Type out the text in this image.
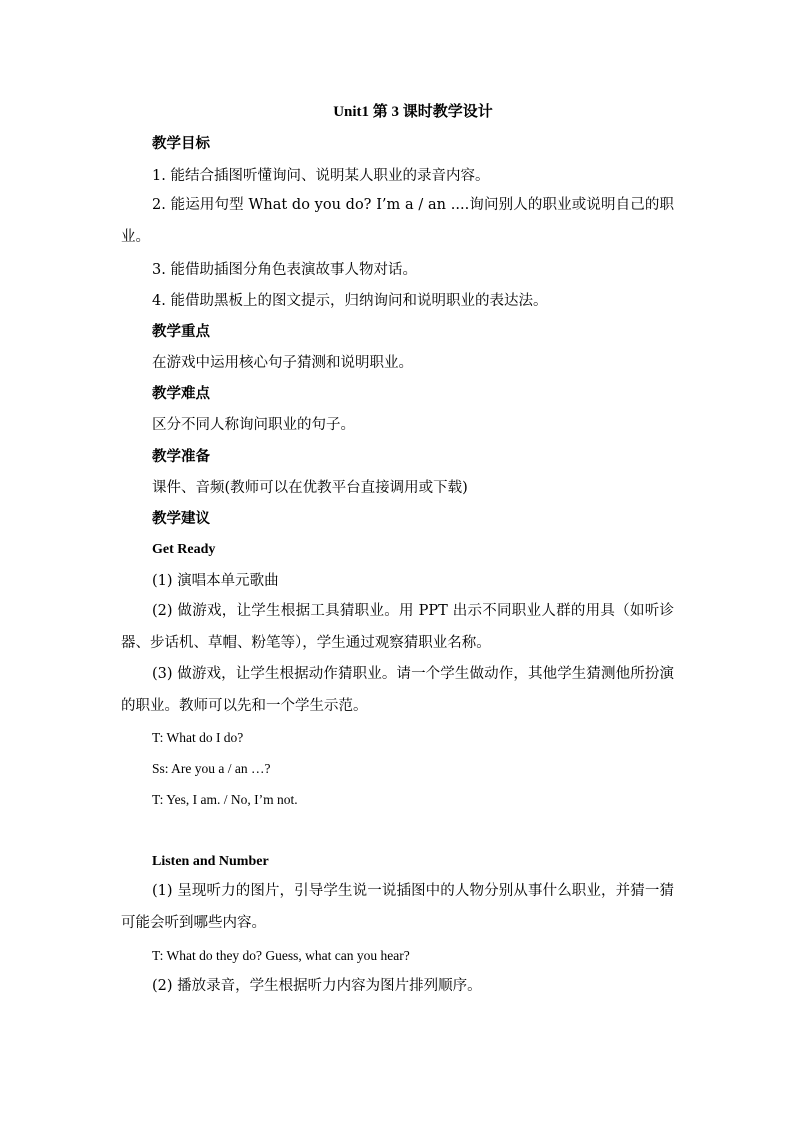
Unit1 第 3 课时教学设计
教学目标
1. 能结合插图听懂询问、说明某人职业的录音内容。
2. 能运用句型 What do you do? I’m a / an ....询问别人的职业或说明自己的职业。
3. 能借助插图分角色表演故事人物对话。
4. 能借助黑板上的图文提示，归纳询问和说明职业的表达法。
教学重点
在游戏中运用核心句子猜测和说明职业。
教学难点
区分不同人称询问职业的句子。
教学准备
课件、音频(教师可以在优教平台直接调用或下载)
教学建议
Get Ready
(1) 演唱本单元歌曲
(2) 做游戏，让学生根据工具猜职业。用 PPT 出示不同职业人群的用具（如听诊器、步话机、草帽、粉笔等），学生通过观察猜职业名称。
(3) 做游戏，让学生根据动作猜职业。请一个学生做动作，其他学生猜测他所扮演的职业。教师可以先和一个学生示范。
T: What do I do?
Ss: Are you a / an …?
T: Yes, I am. / No, I’m not.
Listen and Number
(1) 呈现听力的图片，引导学生说一说插图中的人物分别从事什么职业，并猜一猜可能会听到哪些内容。
T: What do they do? Guess, what can you hear?
(2) 播放录音，学生根据听力内容为图片排列顺序。
